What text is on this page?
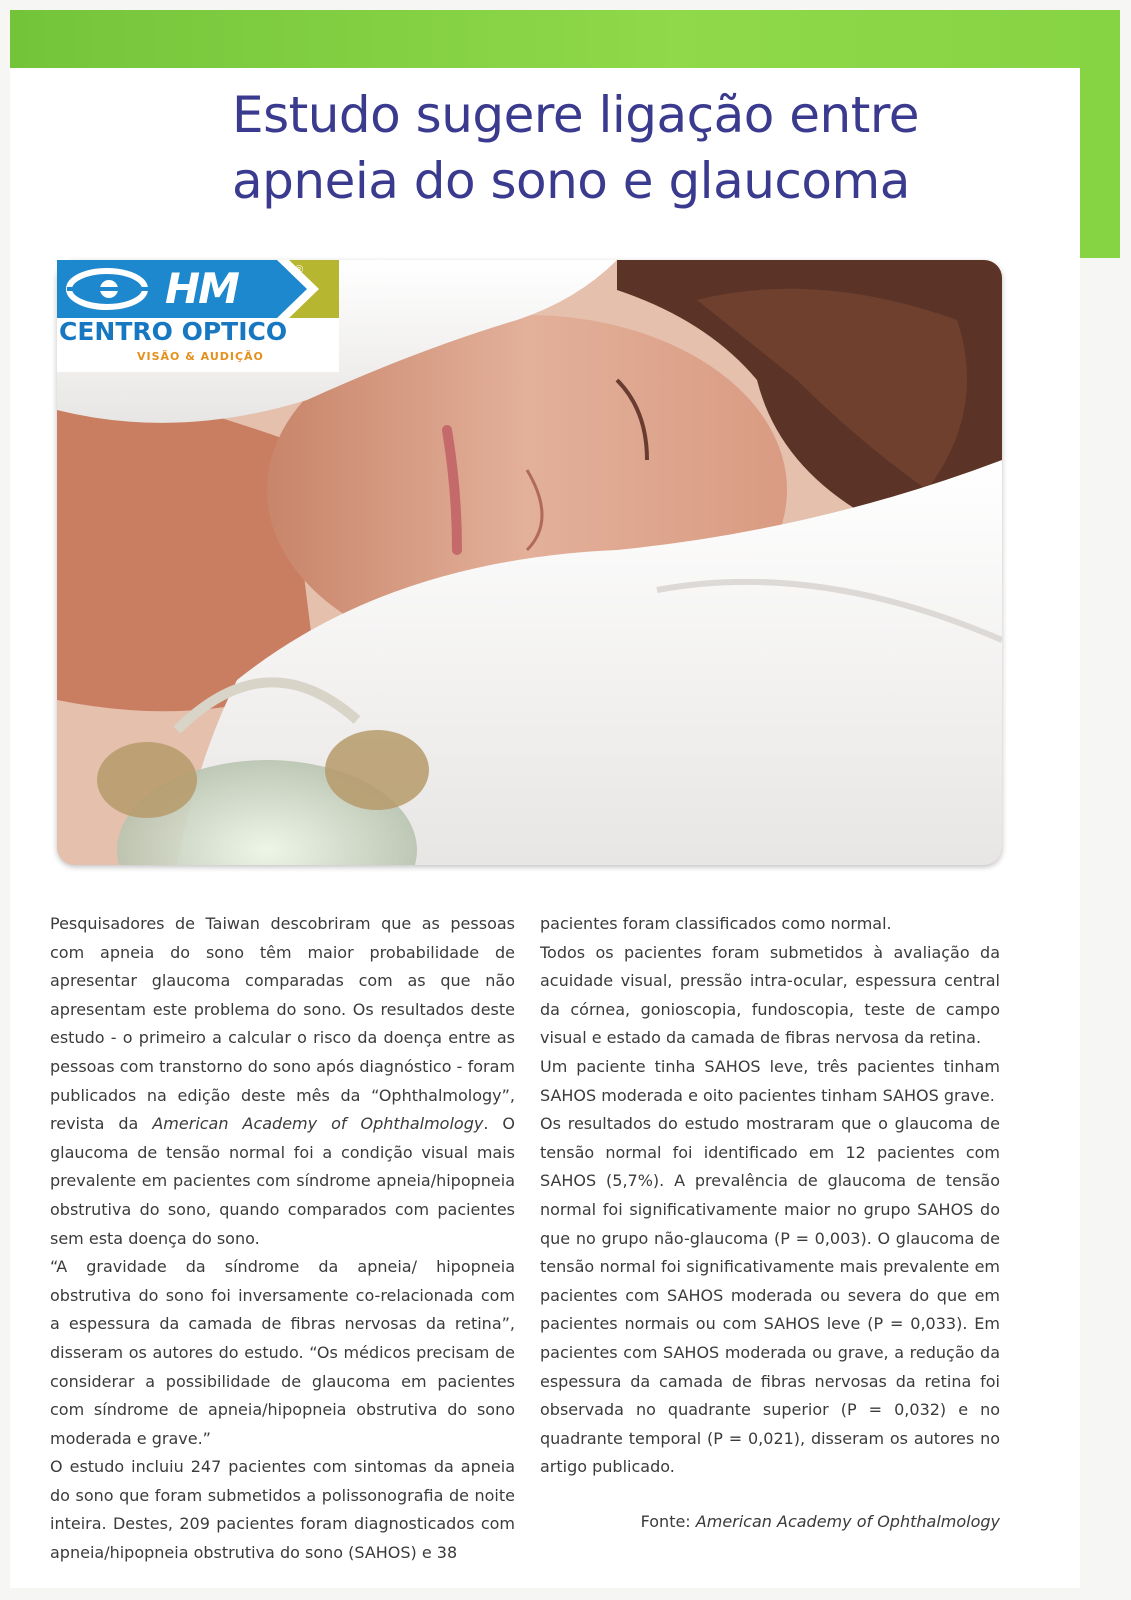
Estudo sugere ligação entre apneia do sono e glaucoma
HM	®
CENTRO OPTICO
VISÃO & AUDIÇÃO

Pesquisadores de Taiwan descobriram que as pessoas com apneia do sono têm maior probabilidade de apresentar glaucoma comparadas com as que não apresentam este problema do sono. Os resultados deste estudo - o primeiro a calcular o risco da doença entre as pessoas com transtorno do sono após diagnóstico - foram publicados na edição deste mês da “Ophthalmology”, revista da American Academy of Ophthalmology. O glaucoma de tensão normal foi a condição visual mais prevalente em pacientes com síndrome apneia/hipopneia obstrutiva do sono, quando comparados com pacientes sem esta doença do sono.

“A gravidade da síndrome da apneia/ hipopneia obstrutiva do sono foi inversamente co-relacionada com a espessura da camada de fibras nervosas da retina”, disseram os autores do estudo. “Os médicos precisam de considerar a possibilidade de glaucoma em pacientes com síndrome de apneia/hipopneia obstrutiva do sono moderada e grave.”

O estudo incluiu 247 pacientes com sintomas da apneia do sono que foram submetidos a polissonografia de noite inteira. Destes, 209 pacientes foram diagnosticados com apneia/hipopneia obstrutiva do sono (SAHOS) e 38

pacientes foram classificados como normal.

Todos os pacientes foram submetidos à avaliação da acuidade visual, pressão intra-ocular, espessura central da córnea, gonioscopia, fundoscopia, teste de campo visual e estado da camada de fibras nervosa da retina.

Um paciente tinha SAHOS leve, três pacientes tinham SAHOS moderada e oito pacientes tinham SAHOS grave.

Os resultados do estudo mostraram que o glaucoma de tensão normal foi identificado em 12 pacientes com SAHOS (5,7%). A prevalência de glaucoma de tensão normal foi significativamente maior no grupo SAHOS do que no grupo não-glaucoma (P = 0,003). O glaucoma de tensão normal foi significativamente mais prevalente em pacientes com SAHOS moderada ou severa do que em pacientes normais ou com SAHOS leve (P = 0,033). Em pacientes com SAHOS moderada ou grave, a redução da espessura da camada de fibras nervosas da retina foi observada no quadrante superior (P = 0,032) e no quadrante temporal (P = 0,021), disseram os autores no artigo publicado.

Fonte: American Academy of Ophthalmology
